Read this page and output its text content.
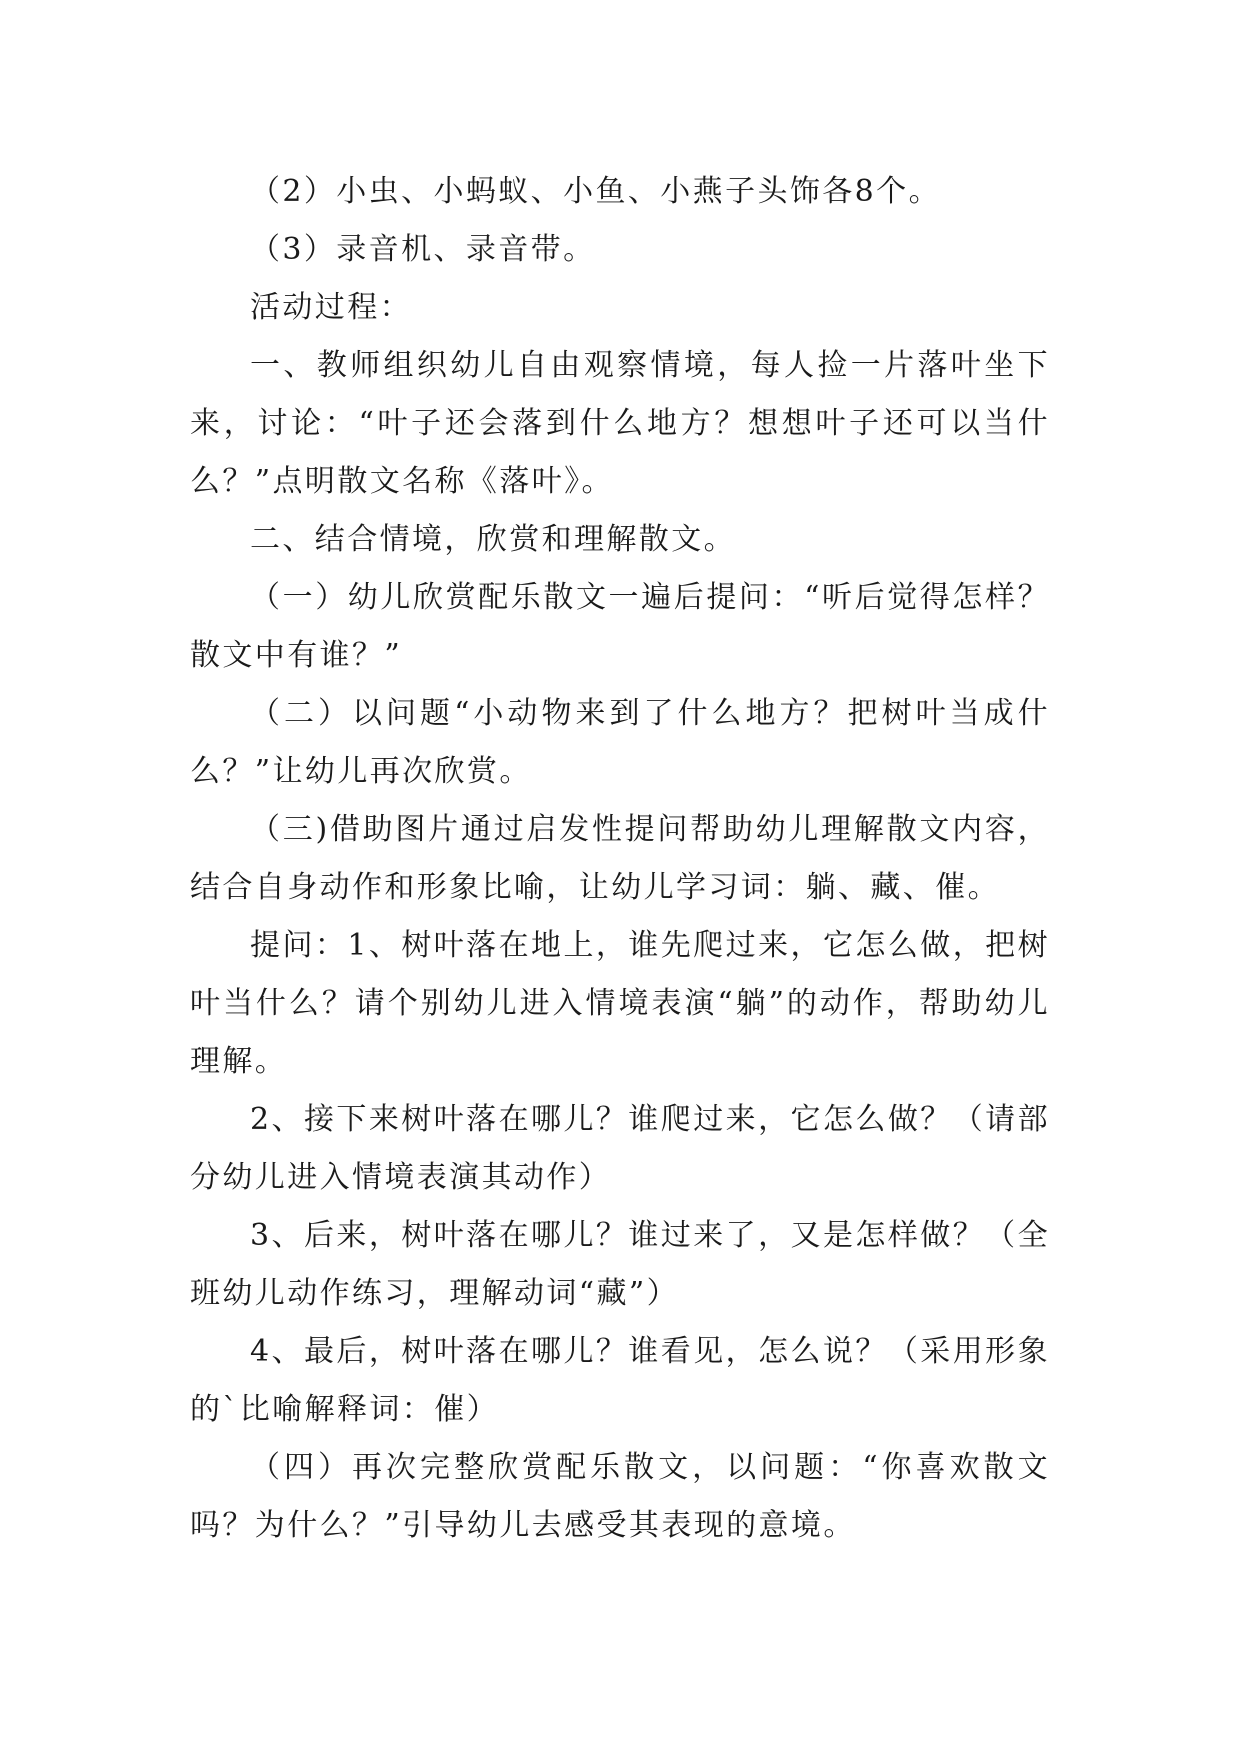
（2）小虫、小蚂蚁、小鱼、小燕子头饰各8个。

（3）录音机、录音带。

活动过程：

一、教师组织幼儿自由观察情境，每人捡一片落叶坐下来，讨论：“叶子还会落到什么地方？想想叶子还可以当什么？”点明散文名称《落叶》。

二、结合情境，欣赏和理解散文。

（一）幼儿欣赏配乐散文一遍后提问：“听后觉得怎样？散文中有谁？”

（二）以问题“小动物来到了什么地方？把树叶当成什么？”让幼儿再次欣赏。

（三)借助图片通过启发性提问帮助幼儿理解散文内容，结合自身动作和形象比喻，让幼儿学习词：躺、藏、催。

提问：1、树叶落在地上，谁先爬过来，它怎么做，把树叶当什么？请个别幼儿进入情境表演“躺”的动作，帮助幼儿理解。

2、接下来树叶落在哪儿？谁爬过来，它怎么做？（请部分幼儿进入情境表演其动作）

3、后来，树叶落在哪儿？谁过来了，又是怎样做？（全班幼儿动作练习，理解动词“藏”）

4、最后，树叶落在哪儿？谁看见，怎么说？（采用形象的`比喻解释词：催）

（四）再次完整欣赏配乐散文，以问题：“你喜欢散文吗？为什么？”引导幼儿去感受其表现的意境。
